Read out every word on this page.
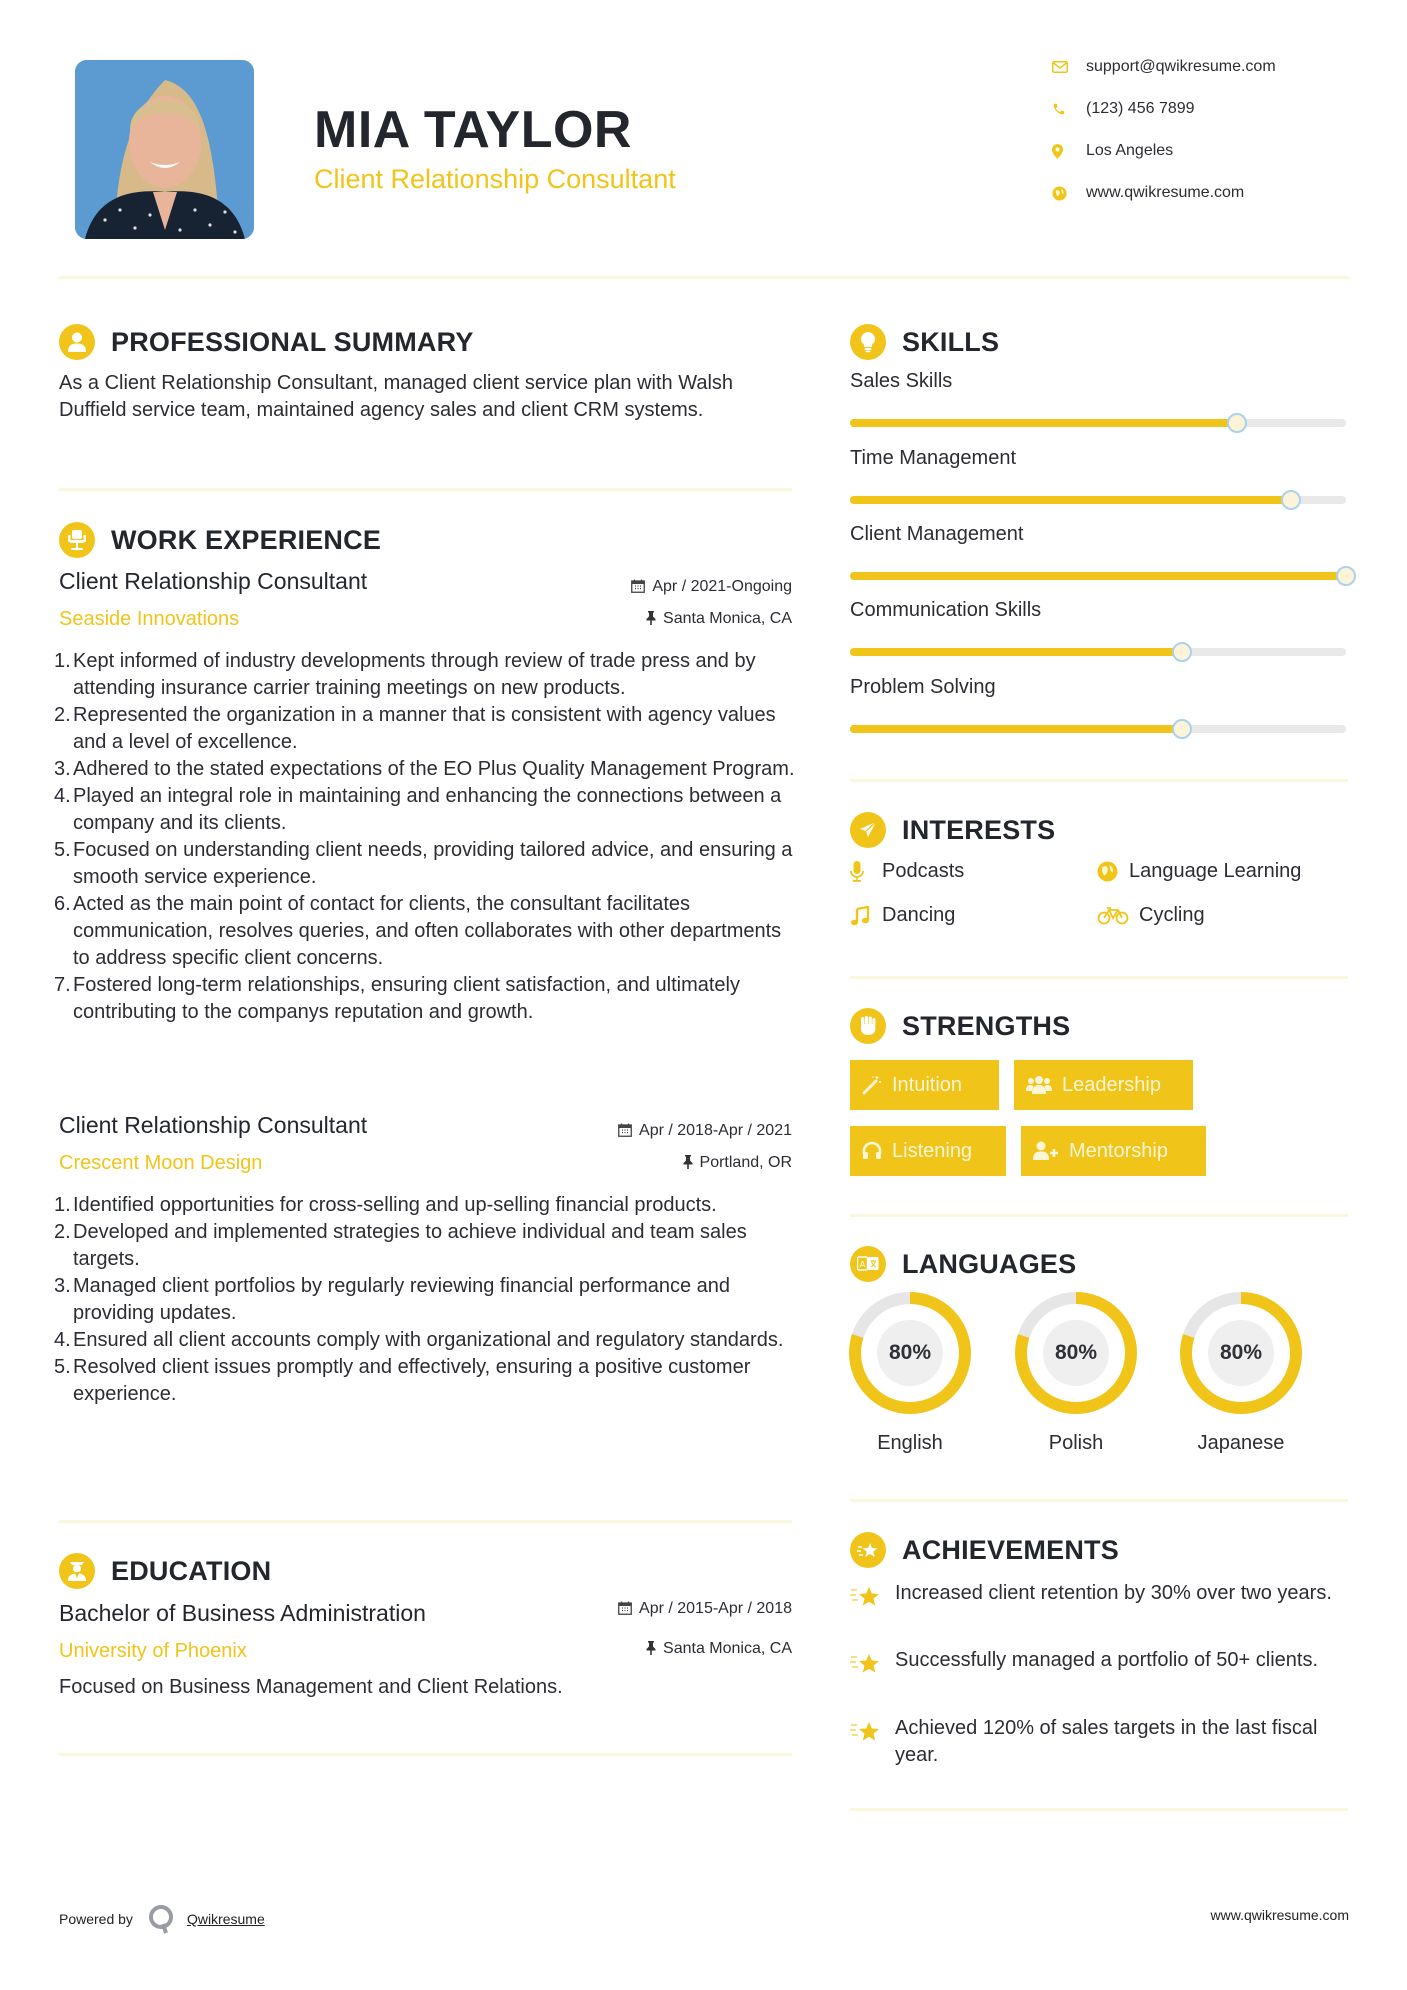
MIA TAYLOR
Client Relationship Consultant
support@qwikresume.com
(123) 456 7899
Los Angeles
www.qwikresume.com
PROFESSIONAL SUMMARY
As a Client Relationship Consultant, managed client service plan with Walsh Duffield service team, maintained agency sales and client CRM systems.
WORK EXPERIENCE
Client Relationship Consultant
Seaside Innovations
Apr / 2021-Ongoing
Santa Monica, CA
1. Kept informed of industry developments through review of trade press and by attending insurance carrier training meetings on new products.
2. Represented the organization in a manner that is consistent with agency values and a level of excellence.
3. Adhered to the stated expectations of the EO Plus Quality Management Program.
4. Played an integral role in maintaining and enhancing the connections between a company and its clients.
5. Focused on understanding client needs, providing tailored advice, and ensuring a smooth service experience.
6. Acted as the main point of contact for clients, the consultant facilitates communication, resolves queries, and often collaborates with other departments to address specific client concerns.
7. Fostered long-term relationships, ensuring client satisfaction, and ultimately contributing to the companys reputation and growth.
Client Relationship Consultant
Crescent Moon Design
Apr / 2018-Apr / 2021
Portland, OR
1. Identified opportunities for cross-selling and up-selling financial products.
2. Developed and implemented strategies to achieve individual and team sales targets.
3. Managed client portfolios by regularly reviewing financial performance and providing updates.
4. Ensured all client accounts comply with organizational and regulatory standards.
5. Resolved client issues promptly and effectively, ensuring a positive customer experience.
EDUCATION
Bachelor of Business Administration
University of Phoenix
Apr / 2015-Apr / 2018
Santa Monica, CA
Focused on Business Management and Client Relations.
SKILLS
Sales Skills
Time Management
Client Management
Communication Skills
Problem Solving
INTERESTS
Podcasts	Language Learning
Dancing	Cycling
STRENGTHS
Intuition	Leadership
Listening	Mentorship
A LANGUAGES
80%
English
80%
Polish
80%
Japanese
ACHIEVEMENTS
Increased client retention by 30% over two years.
Successfully managed a portfolio of 50+ clients.
Achieved 120% of sales targets in the last fiscal year.
Powered by	Qwikresume	www.qwikresume.com
